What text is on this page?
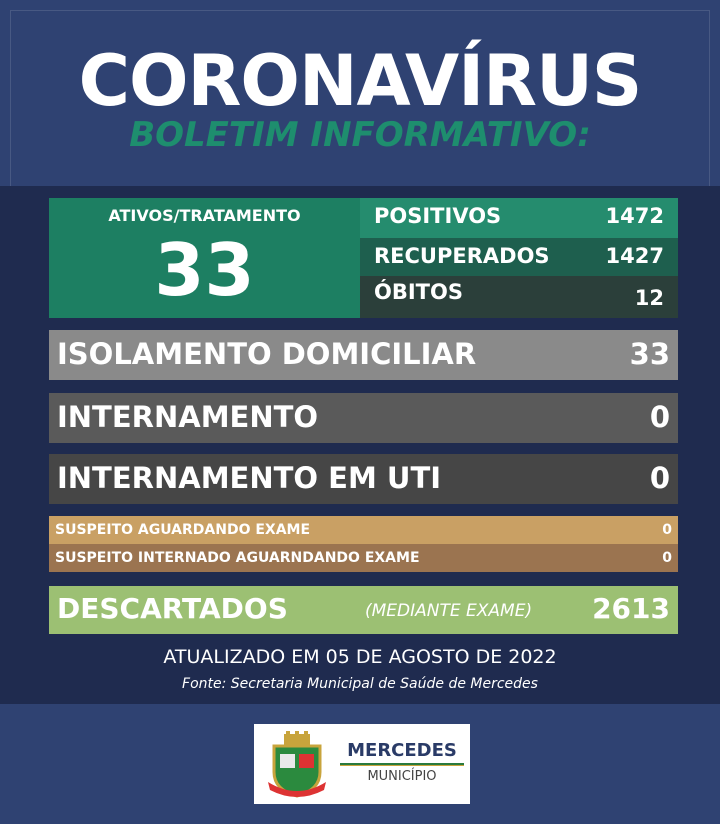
CORONAVÍRUS
BOLETIM INFORMATIVO:
ATIVOS/TRATAMENTO
33
POSITIVOS	1472
RECUPERADOS	1427
ÓBITOS	12
ISOLAMENTO DOMICILIAR	33
INTERNAMENTO	0
INTERNAMENTO EM UTI	0
SUSPEITO AGUARDANDO EXAME	0
SUSPEITO INTERNADO AGUARNDANDO EXAME	0
DESCARTADOS	(MEDIANTE EXAME) 2613
ATUALIZADO EM 05 DE AGOSTO DE 2022
Fonte: Secretaria Municipal de Saúde de Mercedes
MERCEDES
MUNICÍPIO
